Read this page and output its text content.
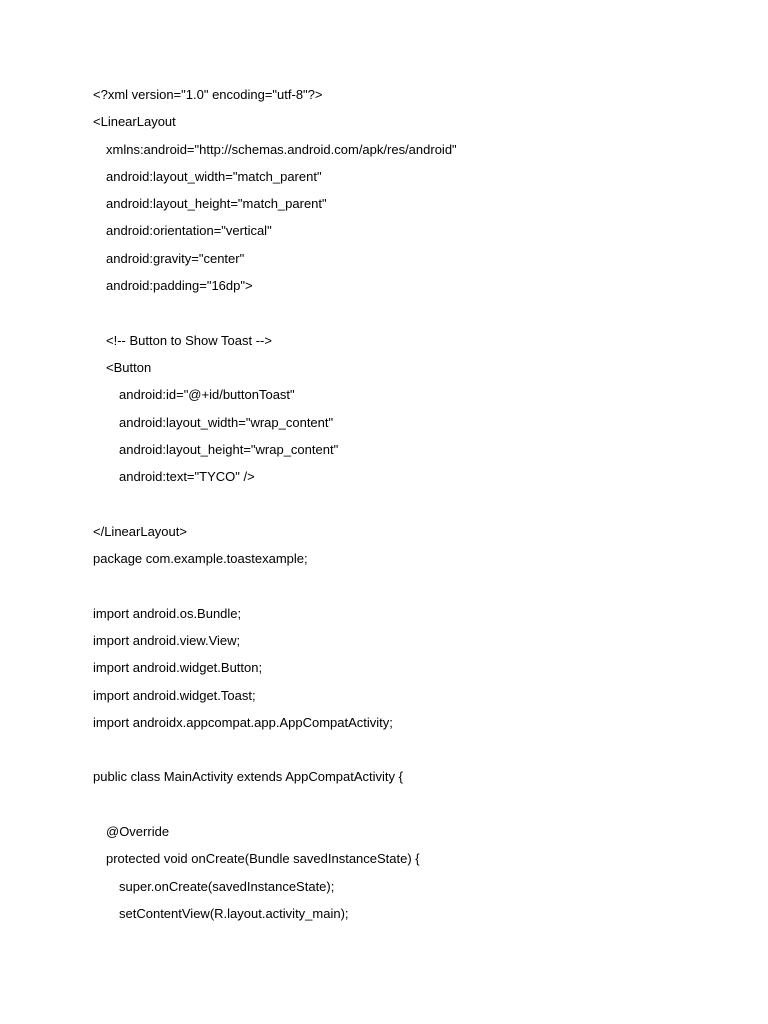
<?xml version="1.0" encoding="utf-8"?>
<LinearLayout
xmlns:android="http://schemas.android.com/apk/res/android"
android:layout_width="match_parent"
android:layout_height="match_parent"
android:orientation="vertical"
android:gravity="center"
android:padding="16dp">
<!-- Button to Show Toast -->
<Button
android:id="@+id/buttonToast"
android:layout_width="wrap_content"
android:layout_height="wrap_content"
android:text="TYCO" />
</LinearLayout>
package com.example.toastexample;
import android.os.Bundle;
import android.view.View;
import android.widget.Button;
import android.widget.Toast;
import androidx.appcompat.app.AppCompatActivity;
public class MainActivity extends AppCompatActivity {
@Override
protected void onCreate(Bundle savedInstanceState) {
super.onCreate(savedInstanceState);
setContentView(R.layout.activity_main);
